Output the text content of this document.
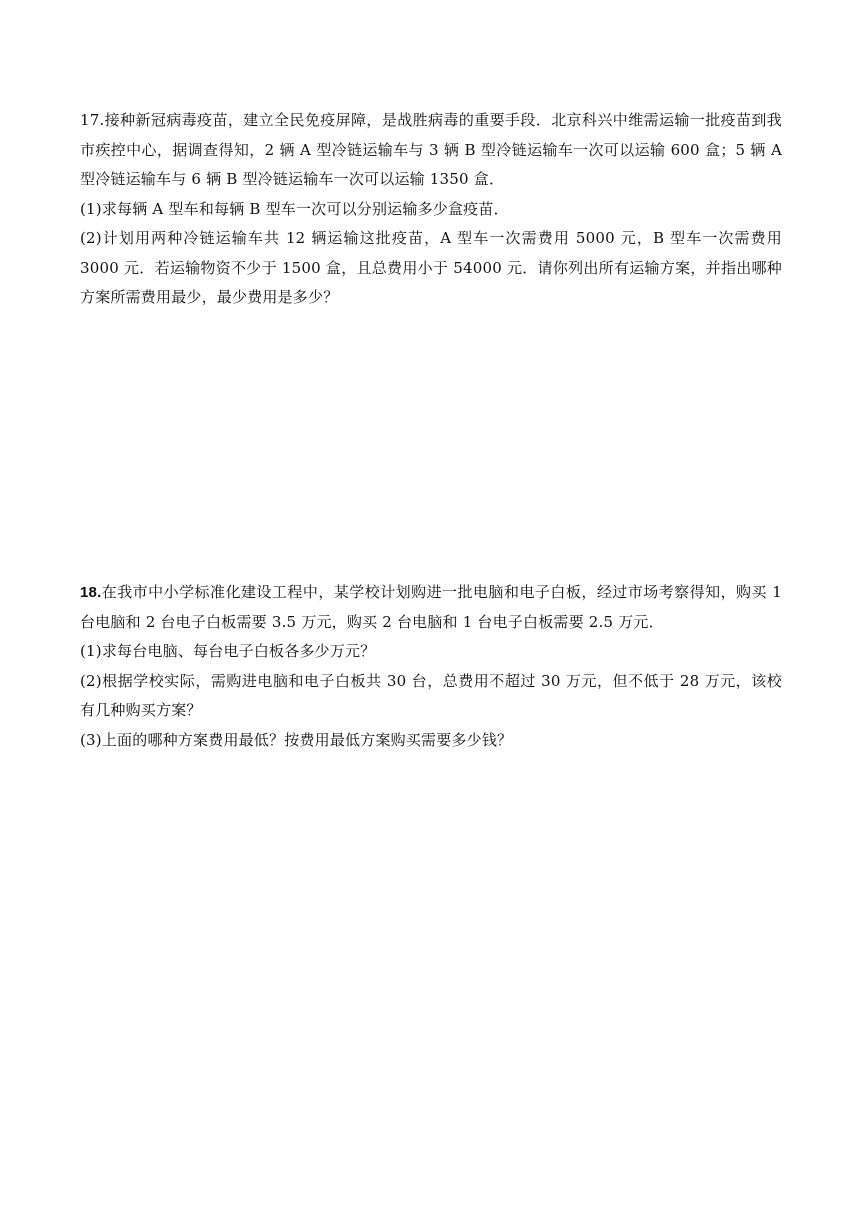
17.接种新冠病毒疫苗，建立全民免疫屏障，是战胜病毒的重要手段．北京科兴中维需运输一批疫苗到我市疾控中心，据调查得知，2 辆 A 型冷链运输车与 3 辆 B 型冷链运输车一次可以运输 600 盒；5 辆 A 型冷链运输车与 6 辆 B 型冷链运输车一次可以运输 1350 盒．

(1)求每辆 A 型车和每辆 B 型车一次可以分别运输多少盒疫苗．

(2)计划用两种冷链运输车共 12 辆运输这批疫苗，A 型车一次需费用 5000 元，B 型车一次需费用 3000 元．若运输物资不少于 1500 盒，且总费用小于 54000 元．请你列出所有运输方案，并指出哪种方案所需费用最少，最少费用是多少？

18.在我市中小学标准化建设工程中，某学校计划购进一批电脑和电子白板，经过市场考察得知，购买 1 台电脑和 2 台电子白板需要 3.5 万元，购买 2 台电脑和 1 台电子白板需要 2.5 万元．

(1)求每台电脑、每台电子白板各多少万元？

(2)根据学校实际，需购进电脑和电子白板共 30 台，总费用不超过 30 万元，但不低于 28 万元，该校有几种购买方案？

(3)上面的哪种方案费用最低？按费用最低方案购买需要多少钱？
